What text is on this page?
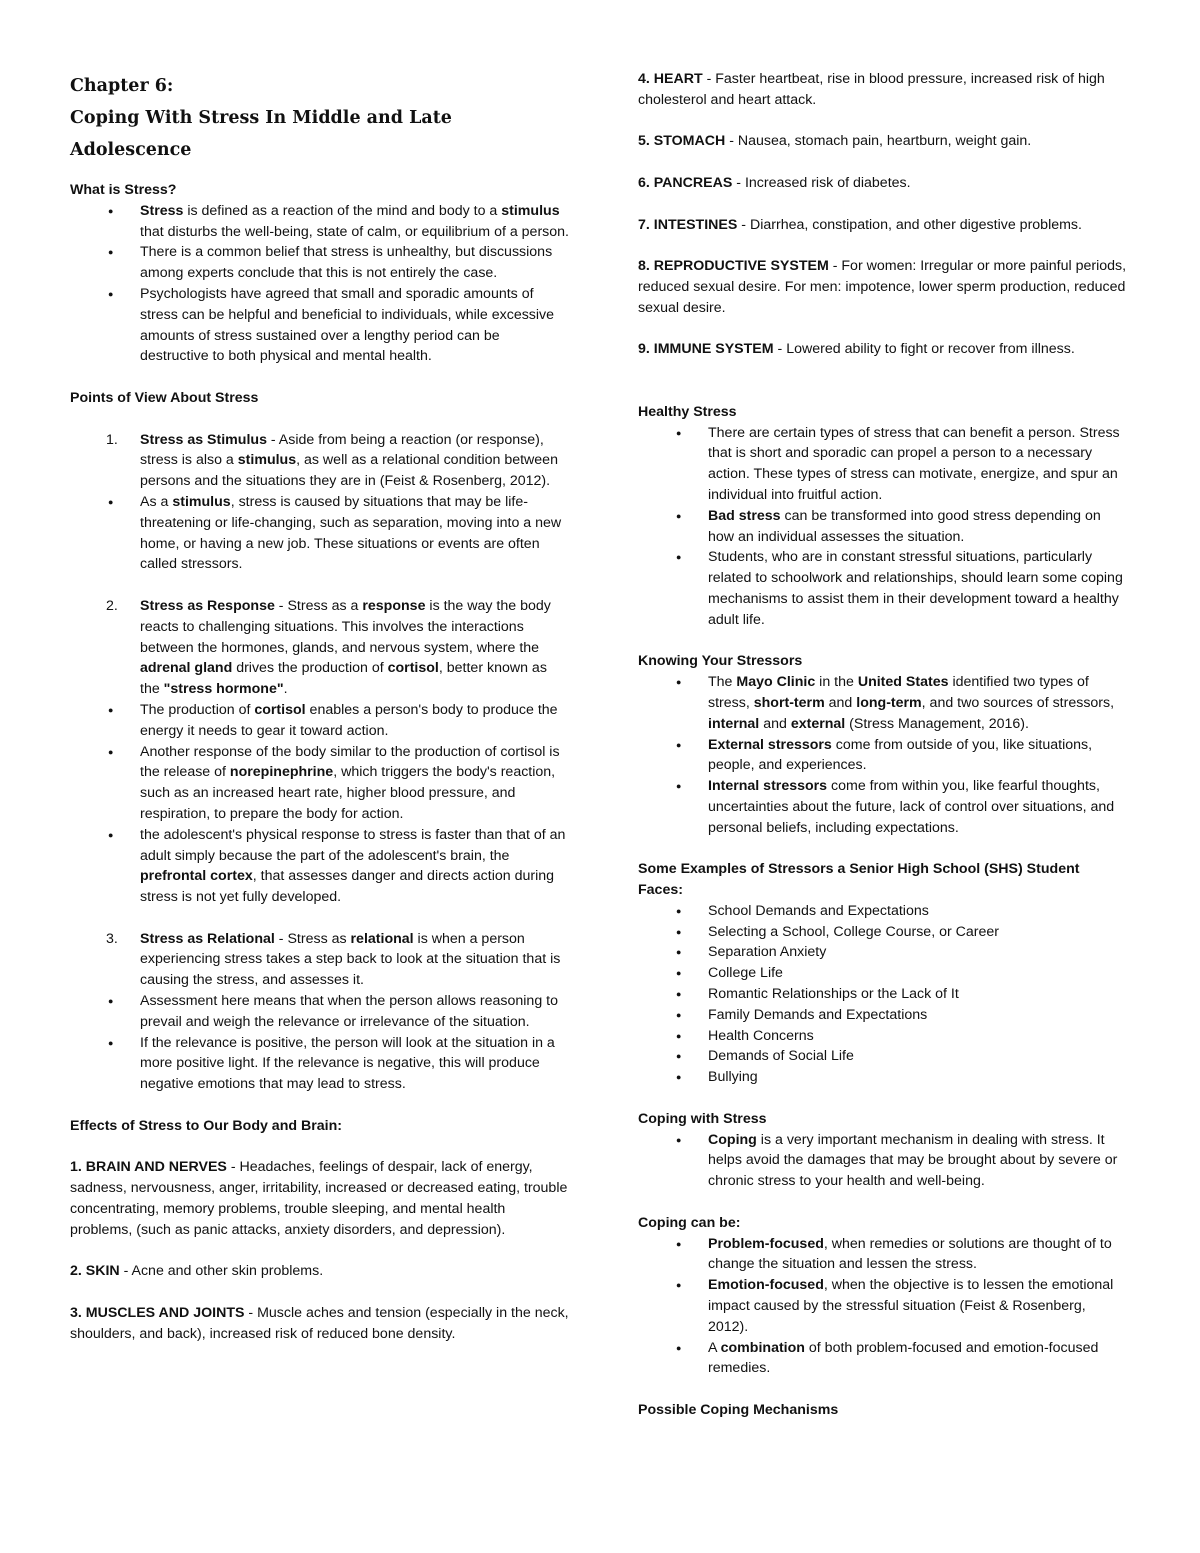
Chapter 6:

Coping With Stress In Middle and Late Adolescence

What is Stress?
● Stress is defined as a reaction of the mind and body to a stimulus that disturbs the well-being, state of calm, or equilibrium of a person.
● There is a common belief that stress is unhealthy, but discussions among experts conclude that this is not entirely the case.
● Psychologists have agreed that small and sporadic amounts of stress can be helpful and beneficial to individuals, while excessive amounts of stress sustained over a lengthy period can be destructive to both physical and mental health.
Points of View About Stress
1. Stress as Stimulus - Aside from being a reaction (or response), stress is also a stimulus, as well as a relational condition between persons and the situations they are in (Feist & Rosenberg, 2012).
● As a stimulus, stress is caused by situations that may be life-threatening or life-changing, such as separation, moving into a new home, or having a new job. These situations or events are often called stressors.
2. Stress as Response - Stress as a response is the way the body reacts to challenging situations. This involves the interactions between the hormones, glands, and nervous system, where the adrenal gland drives the production of cortisol, better known as the "stress hormone".
● The production of cortisol enables a person's body to produce the energy it needs to gear it toward action.
● Another response of the body similar to the production of cortisol is the release of norepinephrine, which triggers the body's reaction, such as an increased heart rate, higher blood pressure, and respiration, to prepare the body for action.
● the adolescent's physical response to stress is faster than that of an adult simply because the part of the adolescent's brain, the prefrontal cortex, that assesses danger and directs action during stress is not yet fully developed.
3. Stress as Relational - Stress as relational is when a person experiencing stress takes a step back to look at the situation that is causing the stress, and assesses it.
● Assessment here means that when the person allows reasoning to prevail and weigh the relevance or irrelevance of the situation.
● If the relevance is positive, the person will look at the situation in a more positive light. If the relevance is negative, this will produce negative emotions that may lead to stress.
Effects of Stress to Our Body and Brain:

1. BRAIN AND NERVES - Headaches, feelings of despair, lack of energy, sadness, nervousness, anger, irritability, increased or decreased eating, trouble concentrating, memory problems, trouble sleeping, and mental health problems, (such as panic attacks, anxiety disorders, and depression).

2. SKIN - Acne and other skin problems.

3. MUSCLES AND JOINTS - Muscle aches and tension (especially in the neck, shoulders, and back), increased risk of reduced bone density.

4. HEART - Faster heartbeat, rise in blood pressure, increased risk of high cholesterol and heart attack.

5. STOMACH - Nausea, stomach pain, heartburn, weight gain.

6. PANCREAS - Increased risk of diabetes.

7. INTESTINES - Diarrhea, constipation, and other digestive problems.

8. REPRODUCTIVE SYSTEM - For women: Irregular or more painful periods, reduced sexual desire. For men: impotence, lower sperm production, reduced sexual desire.

9. IMMUNE SYSTEM - Lowered ability to fight or recover from illness.

Healthy Stress
● There are certain types of stress that can benefit a person. Stress that is short and sporadic can propel a person to a necessary action. These types of stress can motivate, energize, and spur an individual into fruitful action.
● Bad stress can be transformed into good stress depending on how an individual assesses the situation.
● Students, who are in constant stressful situations, particularly related to schoolwork and relationships, should learn some coping mechanisms to assist them in their development toward a healthy adult life.
Knowing Your Stressors
● The Mayo Clinic in the United States identified two types of stress, short-term and long-term, and two sources of stressors, internal and external (Stress Management, 2016).
● External stressors come from outside of you, like situations, people, and experiences.
● Internal stressors come from within you, like fearful thoughts, uncertainties about the future, lack of control over situations, and personal beliefs, including expectations.
Some Examples of Stressors a Senior High School (SHS) Student Faces:
● School Demands and Expectations
● Selecting a School, College Course, or Career
● Separation Anxiety
● College Life
● Romantic Relationships or the Lack of It
● Family Demands and Expectations
● Health Concerns
● Demands of Social Life
● Bullying
Coping with Stress
● Coping is a very important mechanism in dealing with stress. It helps avoid the damages that may be brought about by severe or chronic stress to your health and well-being.
Coping can be:
● Problem-focused, when remedies or solutions are thought of to change the situation and lessen the stress.
● Emotion-focused, when the objective is to lessen the emotional impact caused by the stressful situation (Feist & Rosenberg, 2012).
● A combination of both problem-focused and emotion-focused remedies.
Possible Coping Mechanisms
